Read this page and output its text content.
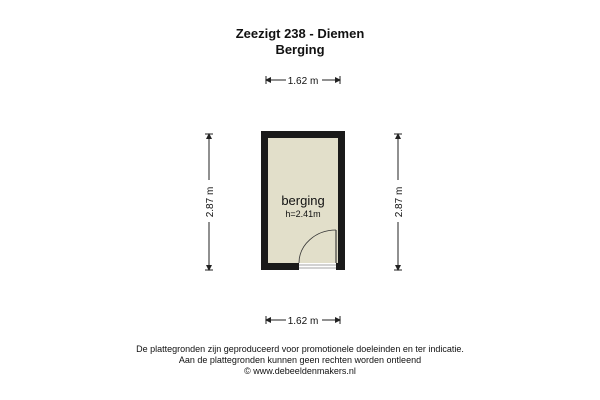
Zeezigt 238 - Diemen
Berging
1.62 m
1.62 m
2.87 m	2.87 m
berging
h=2.41m
De plattegronden zijn geproduceerd voor promotionele doeleinden en ter indicatie.
Aan de plattegronden kunnen geen rechten worden ontleend
© www.debeeldenmakers.nl
